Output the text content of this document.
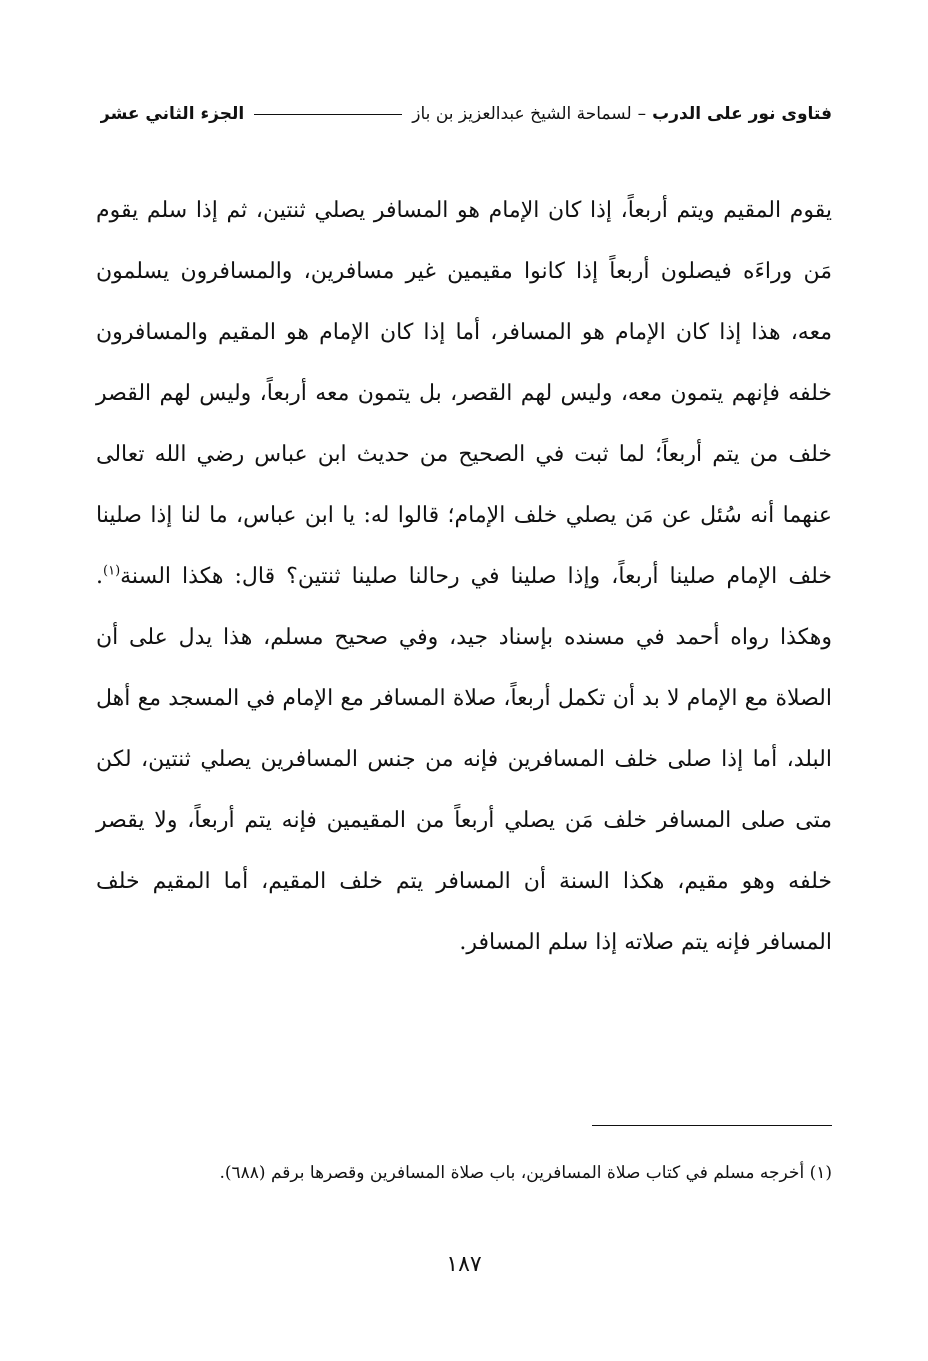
فتاوى نور على الدرب
–
لسماحة الشيخ عبدالعزيز بن باز
الجزء الثاني عشر

يقوم المقيم ويتم أربعاً، إذا كان الإمام هو المسافر يصلي ثنتين، ثم إذا سلم يقوم مَن وراءَه فيصلون أربعاً إذا كانوا مقيمين غير مسافرين، والمسافرون يسلمون معه، هذا إذا كان الإمام هو المسافر، أما إذا كان الإمام هو المقيم والمسافرون خلفه فإنهم يتمون معه، وليس لهم القصر، بل يتمون معه أربعاً، وليس لهم القصر خلف من يتم أربعاً؛ لما ثبت في الصحيح من حديث ابن عباس رضي الله تعالى عنهما أنه سُئل عن مَن يصلي خلف الإمام؛ قالوا له: يا ابن عباس، ما لنا إذا صلينا خلف الإمام صلينا أربعاً، وإذا صلينا في رحالنا صلينا ثنتين؟ قال: هكذا السنة$^{(١)}$. وهكذا رواه أحمد في مسنده بإسناد جيد، وفي صحيح مسلم، هذا يدل على أن الصلاة مع الإمام لا بد أن تكمل أربعاً، صلاة المسافر مع الإمام في المسجد مع أهل البلد، أما إذا صلى خلف المسافرين فإنه من جنس المسافرين يصلي ثنتين، لكن متى صلى المسافر خلف مَن يصلي أربعاً من المقيمين فإنه يتم أربعاً، ولا يقصر خلفه وهو مقيم، هكذا السنة أن المسافر يتم خلف المقيم، أما المقيم خلف المسافر فإنه يتم صلاته إذا سلم المسافر.

(١) أخرجه مسلم في كتاب صلاة المسافرين، باب صلاة المسافرين وقصرها برقم (٦٨٨).

١٨٧
